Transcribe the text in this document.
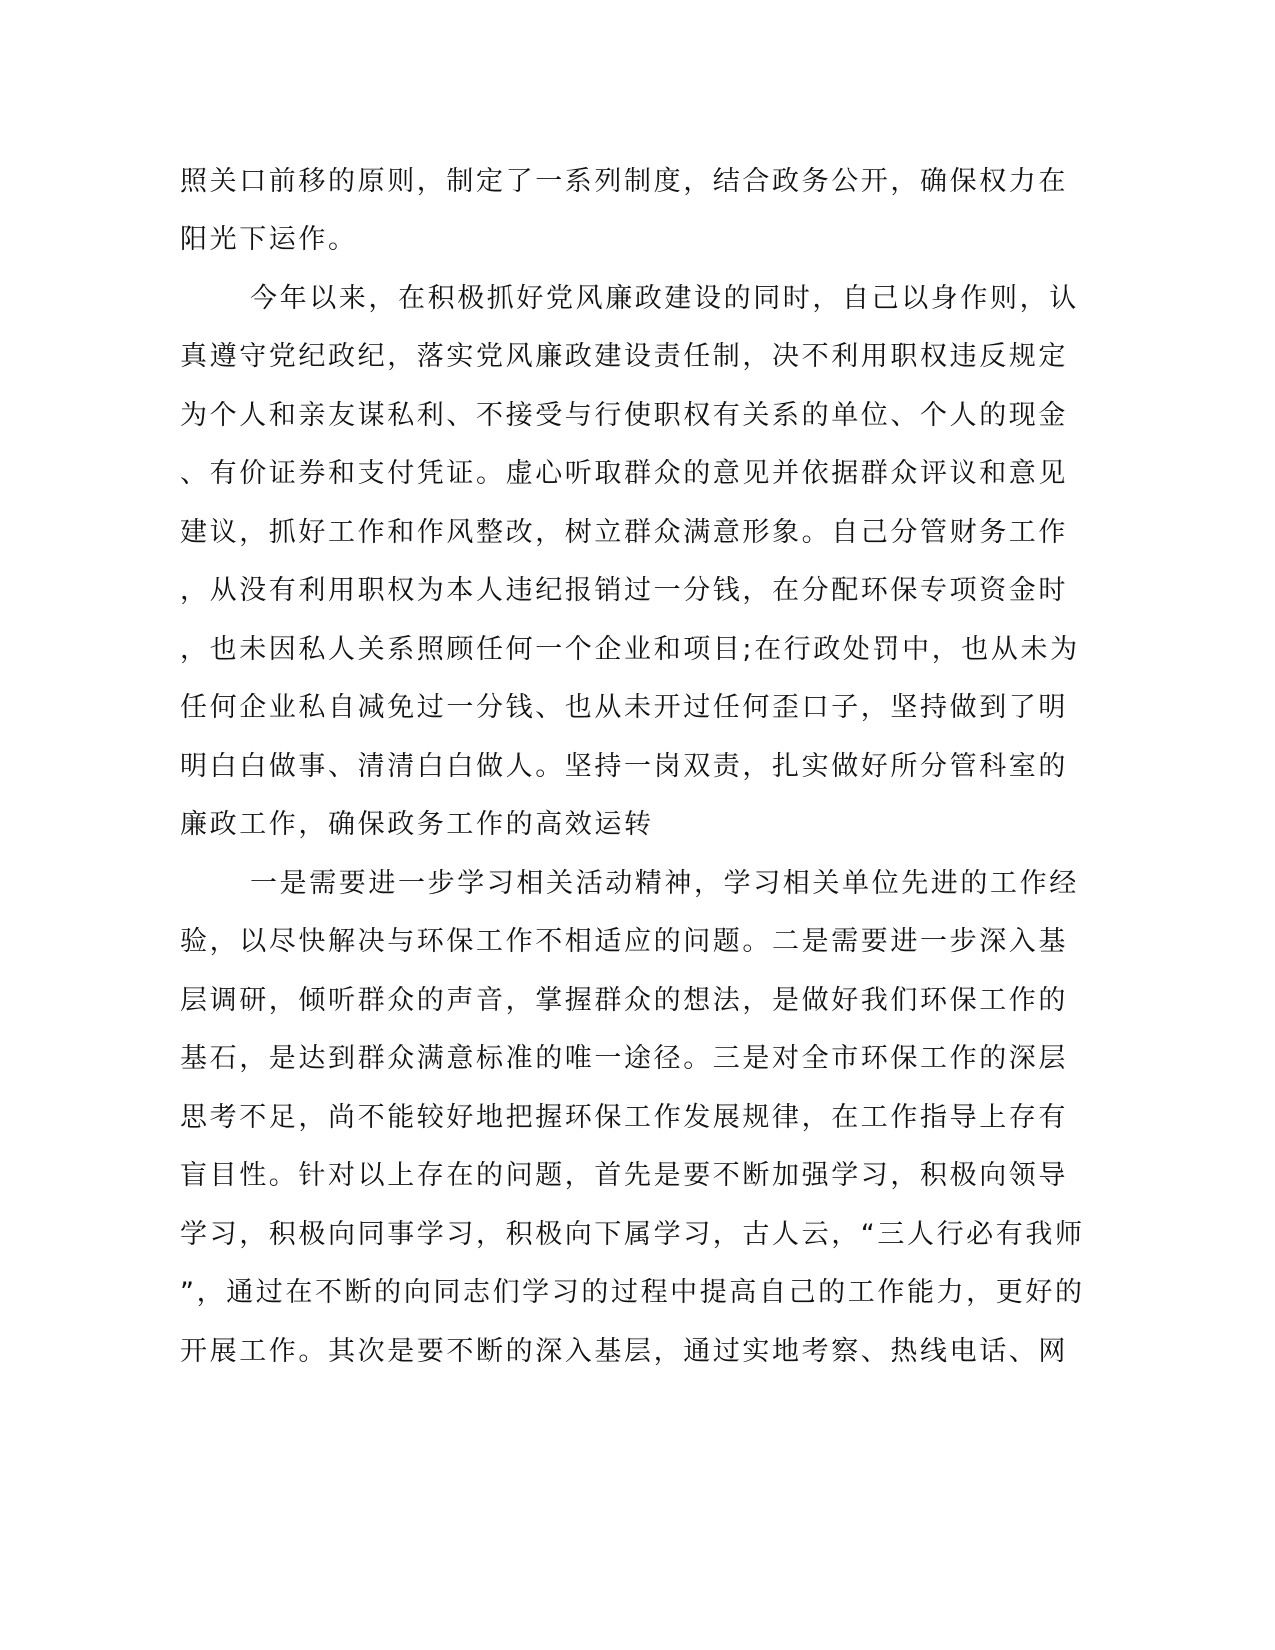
照关口前移的原则，制定了一系列制度，结合政务公开，确保权力在
阳光下运作。
今年以来，在积极抓好党风廉政建设的同时，自己以身作则，认
真遵守党纪政纪，落实党风廉政建设责任制，决不利用职权违反规定
为个人和亲友谋私利、不接受与行使职权有关系的单位、个人的现金
、有价证券和支付凭证。虚心听取群众的意见并依据群众评议和意见
建议，抓好工作和作风整改，树立群众满意形象。自己分管财务工作
，从没有利用职权为本人违纪报销过一分钱，在分配环保专项资金时
，也未因私人关系照顾任何一个企业和项目;在行政处罚中，也从未为
任何企业私自减免过一分钱、也从未开过任何歪口子，坚持做到了明
明白白做事、清清白白做人。坚持一岗双责，扎实做好所分管科室的
廉政工作，确保政务工作的高效运转
一是需要进一步学习相关活动精神，学习相关单位先进的工作经
验，以尽快解决与环保工作不相适应的问题。二是需要进一步深入基
层调研，倾听群众的声音，掌握群众的想法，是做好我们环保工作的
基石，是达到群众满意标准的唯一途径。三是对全市环保工作的深层
思考不足，尚不能较好地把握环保工作发展规律，在工作指导上存有
盲目性。针对以上存在的问题，首先是要不断加强学习，积极向领导
学习，积极向同事学习，积极向下属学习，古人云，“三人行必有我师
”，通过在不断的向同志们学习的过程中提高自己的工作能力，更好的
开展工作。其次是要不断的深入基层，通过实地考察、热线电话、网
